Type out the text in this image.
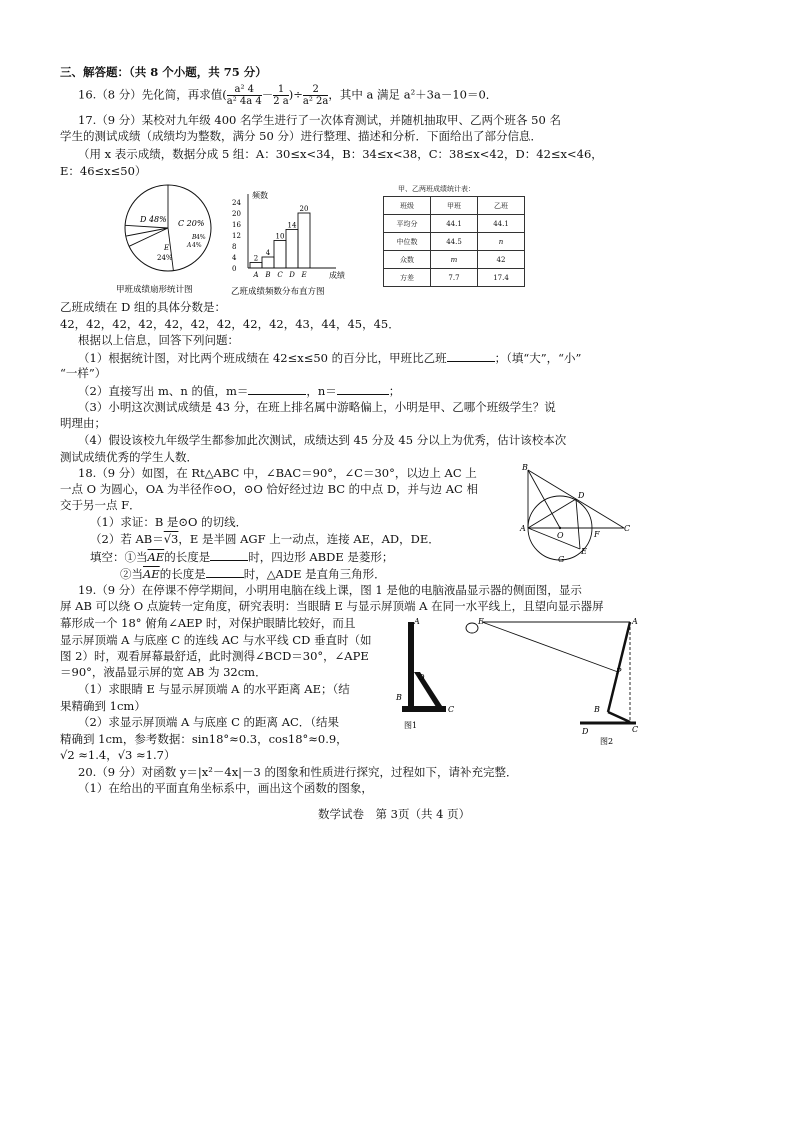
三、解答题：（共 8 个小题，共 75 分）
16.（8 分）先化简，再求值( $\frac{\text{a² 4}}{\text{a² 4a 4}} - \frac{1}{2 a}$ )÷ $\frac{2}{\text{a² 2a}}$ ，其中 a 满足 a²＋3a－10＝0．
17.（9 分）某校对九年级 400 名学生进行了一次体育测试，并随机抽取甲、乙两个班各 50 名
学生的测试成绩（成绩均为整数，满分 50 分）进行整理、描述和分析．下面给出了部分信息．
（用 x 表示成绩，数据分成 5 组：A：30≤x<34，B：34≤x<38，C：38≤x<42，D：42≤x<46，
E：46≤x≤50）
D 48% C 20%
E
24%
B 4%
A 4%
甲班成绩扇形统计图
频数
成绩
乙班成绩频数分布直方图
0
4
8
12
16
20
24
2
A
4
B
10
C
14
D
20
E
甲、乙两班成绩统计表：
班级	甲班	乙班
平均分	44.1	44.1
中位数	44.5	n
众数	m	42
方差	7.7	17.4
乙班成绩在 D 组的具体分数是：
42，42，42，42，42，42，42，42，42，43，44，45，45．
根据以上信息，回答下列问题：
（1）根据统计图，对比两个班成绩在 42≤x≤50 的百分比，甲班比乙班	；（填“大”，“小”
“一样”）
（2）直接写出 m、n 的值，m＝	，n＝	；
（3）小明这次测试成绩是 43 分，在班上排名属中游略偏上，小明是甲、乙哪个班级学生？说
明理由；
（4）假设该校九年级学生都参加此次测试，成绩达到 45 分及 45 分以上为优秀，估计该校本次
测试成绩优秀的学生人数．
18.（9 分）如图，在 Rt△ABC 中，∠BAC＝90°，∠C＝30°，以边上 AC 上
一点 O 为圆心，OA 为半径作⊙O，⊙O 恰好经过边 BC 的中点 D，并与边 AC 相
交于另一点 F．
（1）求证：B 是⊙O 的切线．
（2）若 AB＝√3，E 是半圆 AGF 上一动点，连接 AE，AD，DE．
填空：①当$\overline{AE}$的长度是	时，四边形 ABDE 是菱形；
②当$\overline{AE}$的长度是	时，△ADE 是直角三角形．
B
D
A
O	F
C
E
G
19.（9 分）在停课不停学期间，小明用电脑在线上课，图 1 是他的电脑液晶显示器的侧面图，显示
屏 AB 可以绕 O 点旋转一定角度，研究表明：当眼睛 E 与显示屏顶端 A 在同一水平线上，且望向显示器屏
幕形成一个 18° 俯角∠AEP 时，对保护眼睛比较好，而且
显示屏顶端 A 与底座 C 的连线 AC 与水平线 CD 垂直时（如
图 2）时，观看屏幕最舒适，此时测得∠BCD＝30°，∠APE
＝90°，液晶显示屏的宽 AB 为 32cm．
（1）求眼睛 E 与显示屏顶端 A 的水平距离 AE；（结
果精确到 1cm）
（2）求显示屏顶端 A 与底座 C 的距离 AC．（结果
精确到 1cm，参考数据：sin18°≈0.3，cos18°≈0.9，
√2 ≈1.4，√3 ≈1.7）
A
O
B
C
图1
E	A
P
B
D	C
图2
20.（9 分）对函数 y＝|x²－4x|－3 的图象和性质进行探究，过程如下，请补充完整．
（1）在给出的平面直角坐标系中，画出这个函数的图象，
数学试卷　第 3页（共 4 页）
